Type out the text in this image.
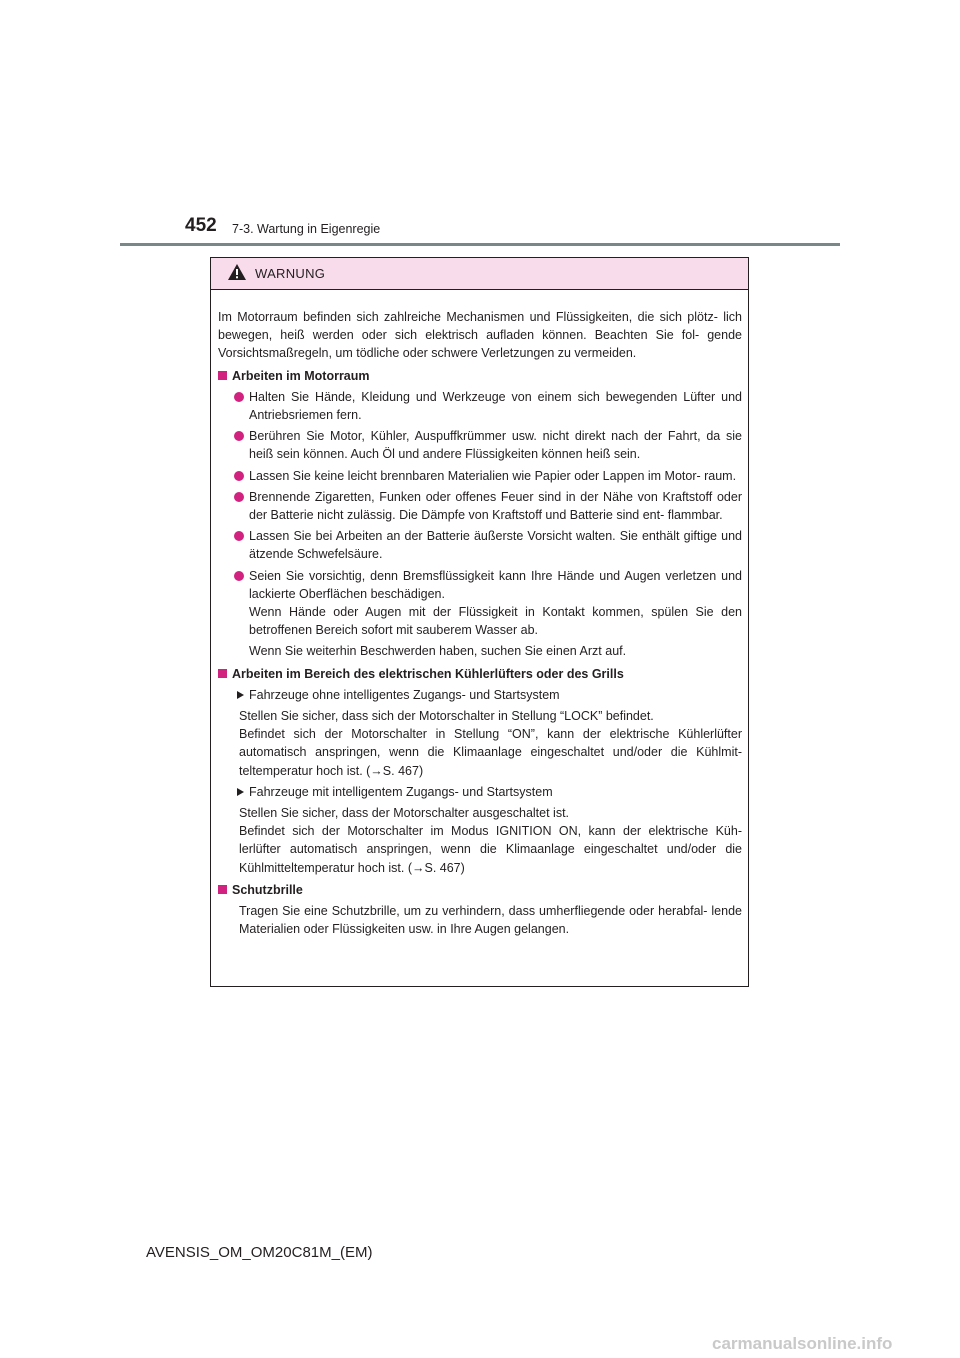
452 7-3. Wartung in Eigenregie
WARNUNG

Im Motorraum befinden sich zahlreiche Mechanismen und Flüssigkeiten, die sich plötz- lich bewegen, heiß werden oder sich elektrisch aufladen können. Beachten Sie fol- gende Vorsichtsmaßregeln, um tödliche oder schwere Verletzungen zu vermeiden.

Arbeiten im Motorraum
Halten Sie Hände, Kleidung und Werkzeuge von einem sich bewegenden Lüfter und Antriebsriemen fern.
Berühren Sie Motor, Kühler, Auspuffkrümmer usw. nicht direkt nach der Fahrt, da sie heiß sein können. Auch Öl und andere Flüssigkeiten können heiß sein.
Lassen Sie keine leicht brennbaren Materialien wie Papier oder Lappen im Motor- raum.
Brennende Zigaretten, Funken oder offenes Feuer sind in der Nähe von Kraftstoff oder der Batterie nicht zulässig. Die Dämpfe von Kraftstoff und Batterie sind ent- flammbar.
Lassen Sie bei Arbeiten an der Batterie äußerste Vorsicht walten. Sie enthält giftige und ätzende Schwefelsäure.
Seien Sie vorsichtig, denn Bremsflüssigkeit kann Ihre Hände und Augen verletzen und lackierte Oberflächen beschädigen.
Wenn Hände oder Augen mit der Flüssigkeit in Kontakt kommen, spülen Sie den betroffenen Bereich sofort mit sauberem Wasser ab.

Wenn Sie weiterhin Beschwerden haben, suchen Sie einen Arzt auf.

Arbeiten im Bereich des elektrischen Kühlerlüfters oder des Grills
Fahrzeuge ohne intelligentes Zugangs- und Startsystem
Stellen Sie sicher, dass sich der Motorschalter in Stellung “LOCK” befindet.
Befindet sich der Motorschalter in Stellung “ON”, kann der elektrische Kühlerlüfter automatisch anspringen, wenn die Klimaanlage eingeschaltet und/oder die Kühlmit- teltemperatur hoch ist. (→S. 467)
Fahrzeuge mit intelligentem Zugangs- und Startsystem
Stellen Sie sicher, dass der Motorschalter ausgeschaltet ist.
Befindet sich der Motorschalter im Modus IGNITION ON, kann der elektrische Küh- lerlüfter automatisch anspringen, wenn die Klimaanlage eingeschaltet und/oder die Kühlmitteltemperatur hoch ist. (→S. 467)
Schutzbrille

Tragen Sie eine Schutzbrille, um zu verhindern, dass umherfliegende oder herabfal- lende Materialien oder Flüssigkeiten usw. in Ihre Augen gelangen.

AVENSIS_OM_OM20C81M_(EM)
carmanualsonline.info
